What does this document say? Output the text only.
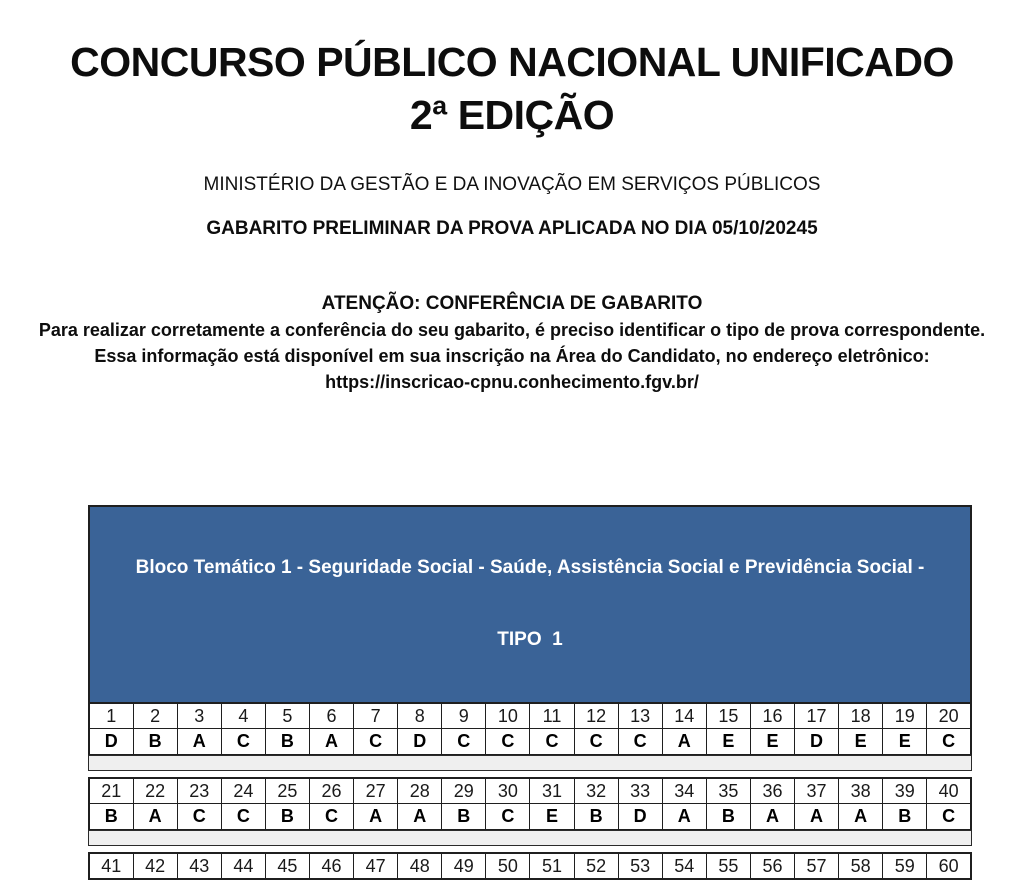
CONCURSO PÚBLICO NACIONAL UNIFICADO
2ª EDIÇÃO
MINISTÉRIO DA GESTÃO E DA INOVAÇÃO EM SERVIÇOS PÚBLICOS
GABARITO PRELIMINAR DA PROVA APLICADA NO DIA 05/10/20245
ATENÇÃO: CONFERÊNCIA DE GABARITO
Para realizar corretamente a conferência do seu gabarito, é preciso identificar o tipo de prova correspondente.
Essa informação está disponível em sua inscrição na Área do Candidato, no endereço eletrônico:
https://inscricao-cpnu.conhecimento.fgv.br/

Bloco Temático 1 - Seguridade Social - Saúde, Assistência Social e Previdência Social -

TIPO  1

1	2	3	4	5	6	7	8	9	10	11	12	13	14	15	16	17	18	19	20
D	B	A	C	B	A	C	D	C	C	C	C	C	A	E	E	D	E	E	C
21	22	23	24	25	26	27	28	29	30	31	32	33	34	35	36	37	38	39	40
B	A	C	C	B	C	A	A	B	C	E	B	D	A	B	A	A	A	B	C
41	42	43	44	45	46	47	48	49	50	51	52	53	54	55	56	57	58	59	60
